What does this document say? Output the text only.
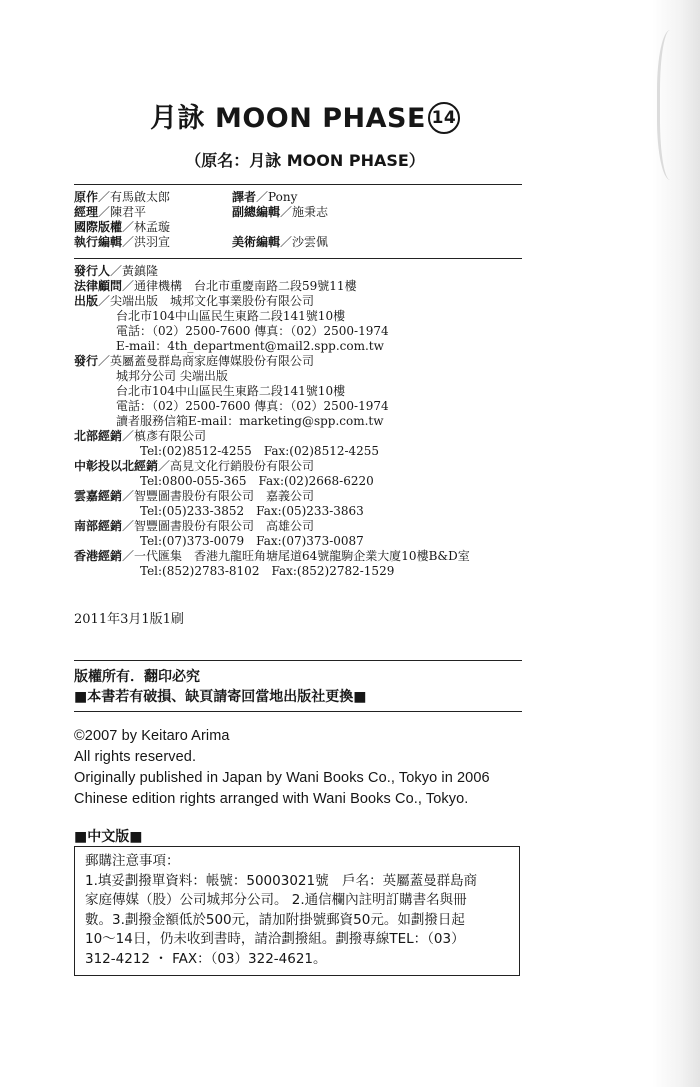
月詠 MOON PHASE 14
（原名：月詠 MOON PHASE）
原作／有馬啟太郎	譯者／Pony
經理／陳君平	副總編輯／施秉志
國際版權／林孟璇
執行編輯／洪羽宣	美術編輯／沙雲佩
發行人／黃鎮隆
法律顧問／通律機構　台北市重慶南路二段59號11樓
出版／尖端出版　城邦文化事業股份有限公司
台北市104中山區民生東路二段141號10樓
電話：（02）2500-7600 傳真：（02）2500-1974
E-mail：4th_department@mail2.spp.com.tw
發行／英屬蓋曼群島商家庭傳媒股份有限公司
城邦分公司 尖端出版
台北市104中山區民生東路二段141號10樓
電話：（02）2500-7600 傳真：（02）2500-1974
讀者服務信箱E-mail：marketing@spp.com.tw
北部經銷／槙彥有限公司
Tel:(02)8512-4255　Fax:(02)8512-4255
中彰投以北經銷／高見文化行銷股份有限公司
Tel:0800-055-365　Fax:(02)2668-6220
雲嘉經銷／智豐圖書股份有限公司　嘉義公司
Tel:(05)233-3852　Fax:(05)233-3863
南部經銷／智豐圖書股份有限公司　高雄公司
Tel:(07)373-0079　Fax:(07)373-0087
香港經銷／一代匯集　香港九龍旺角塘尾道64號龍駒企業大廈10樓B&D室
Tel:(852)2783-8102　Fax:(852)2782-1529
2011年3月1版1刷
版權所有．翻印必究
■本書若有破損、缺頁請寄回當地出版社更換■
©2007 by Keitaro Arima
All rights reserved.
Originally published in Japan by Wani Books Co., Tokyo in 2006
Chinese edition rights arranged with Wani Books Co., Tokyo.
■中文版■
郵購注意事項：
1.填妥劃撥單資料：帳號：50003021號　戶名：英屬蓋曼群島商
家庭傳媒（股）公司城邦分公司。 2.通信欄內註明訂購書名與冊
數。3.劃撥金額低於500元，請加附掛號郵資50元。如劃撥日起
10～14日，仍未收到書時，請洽劃撥組。劃撥專線TEL：（03）
312-4212 ・ FAX：（03）322-4621。
